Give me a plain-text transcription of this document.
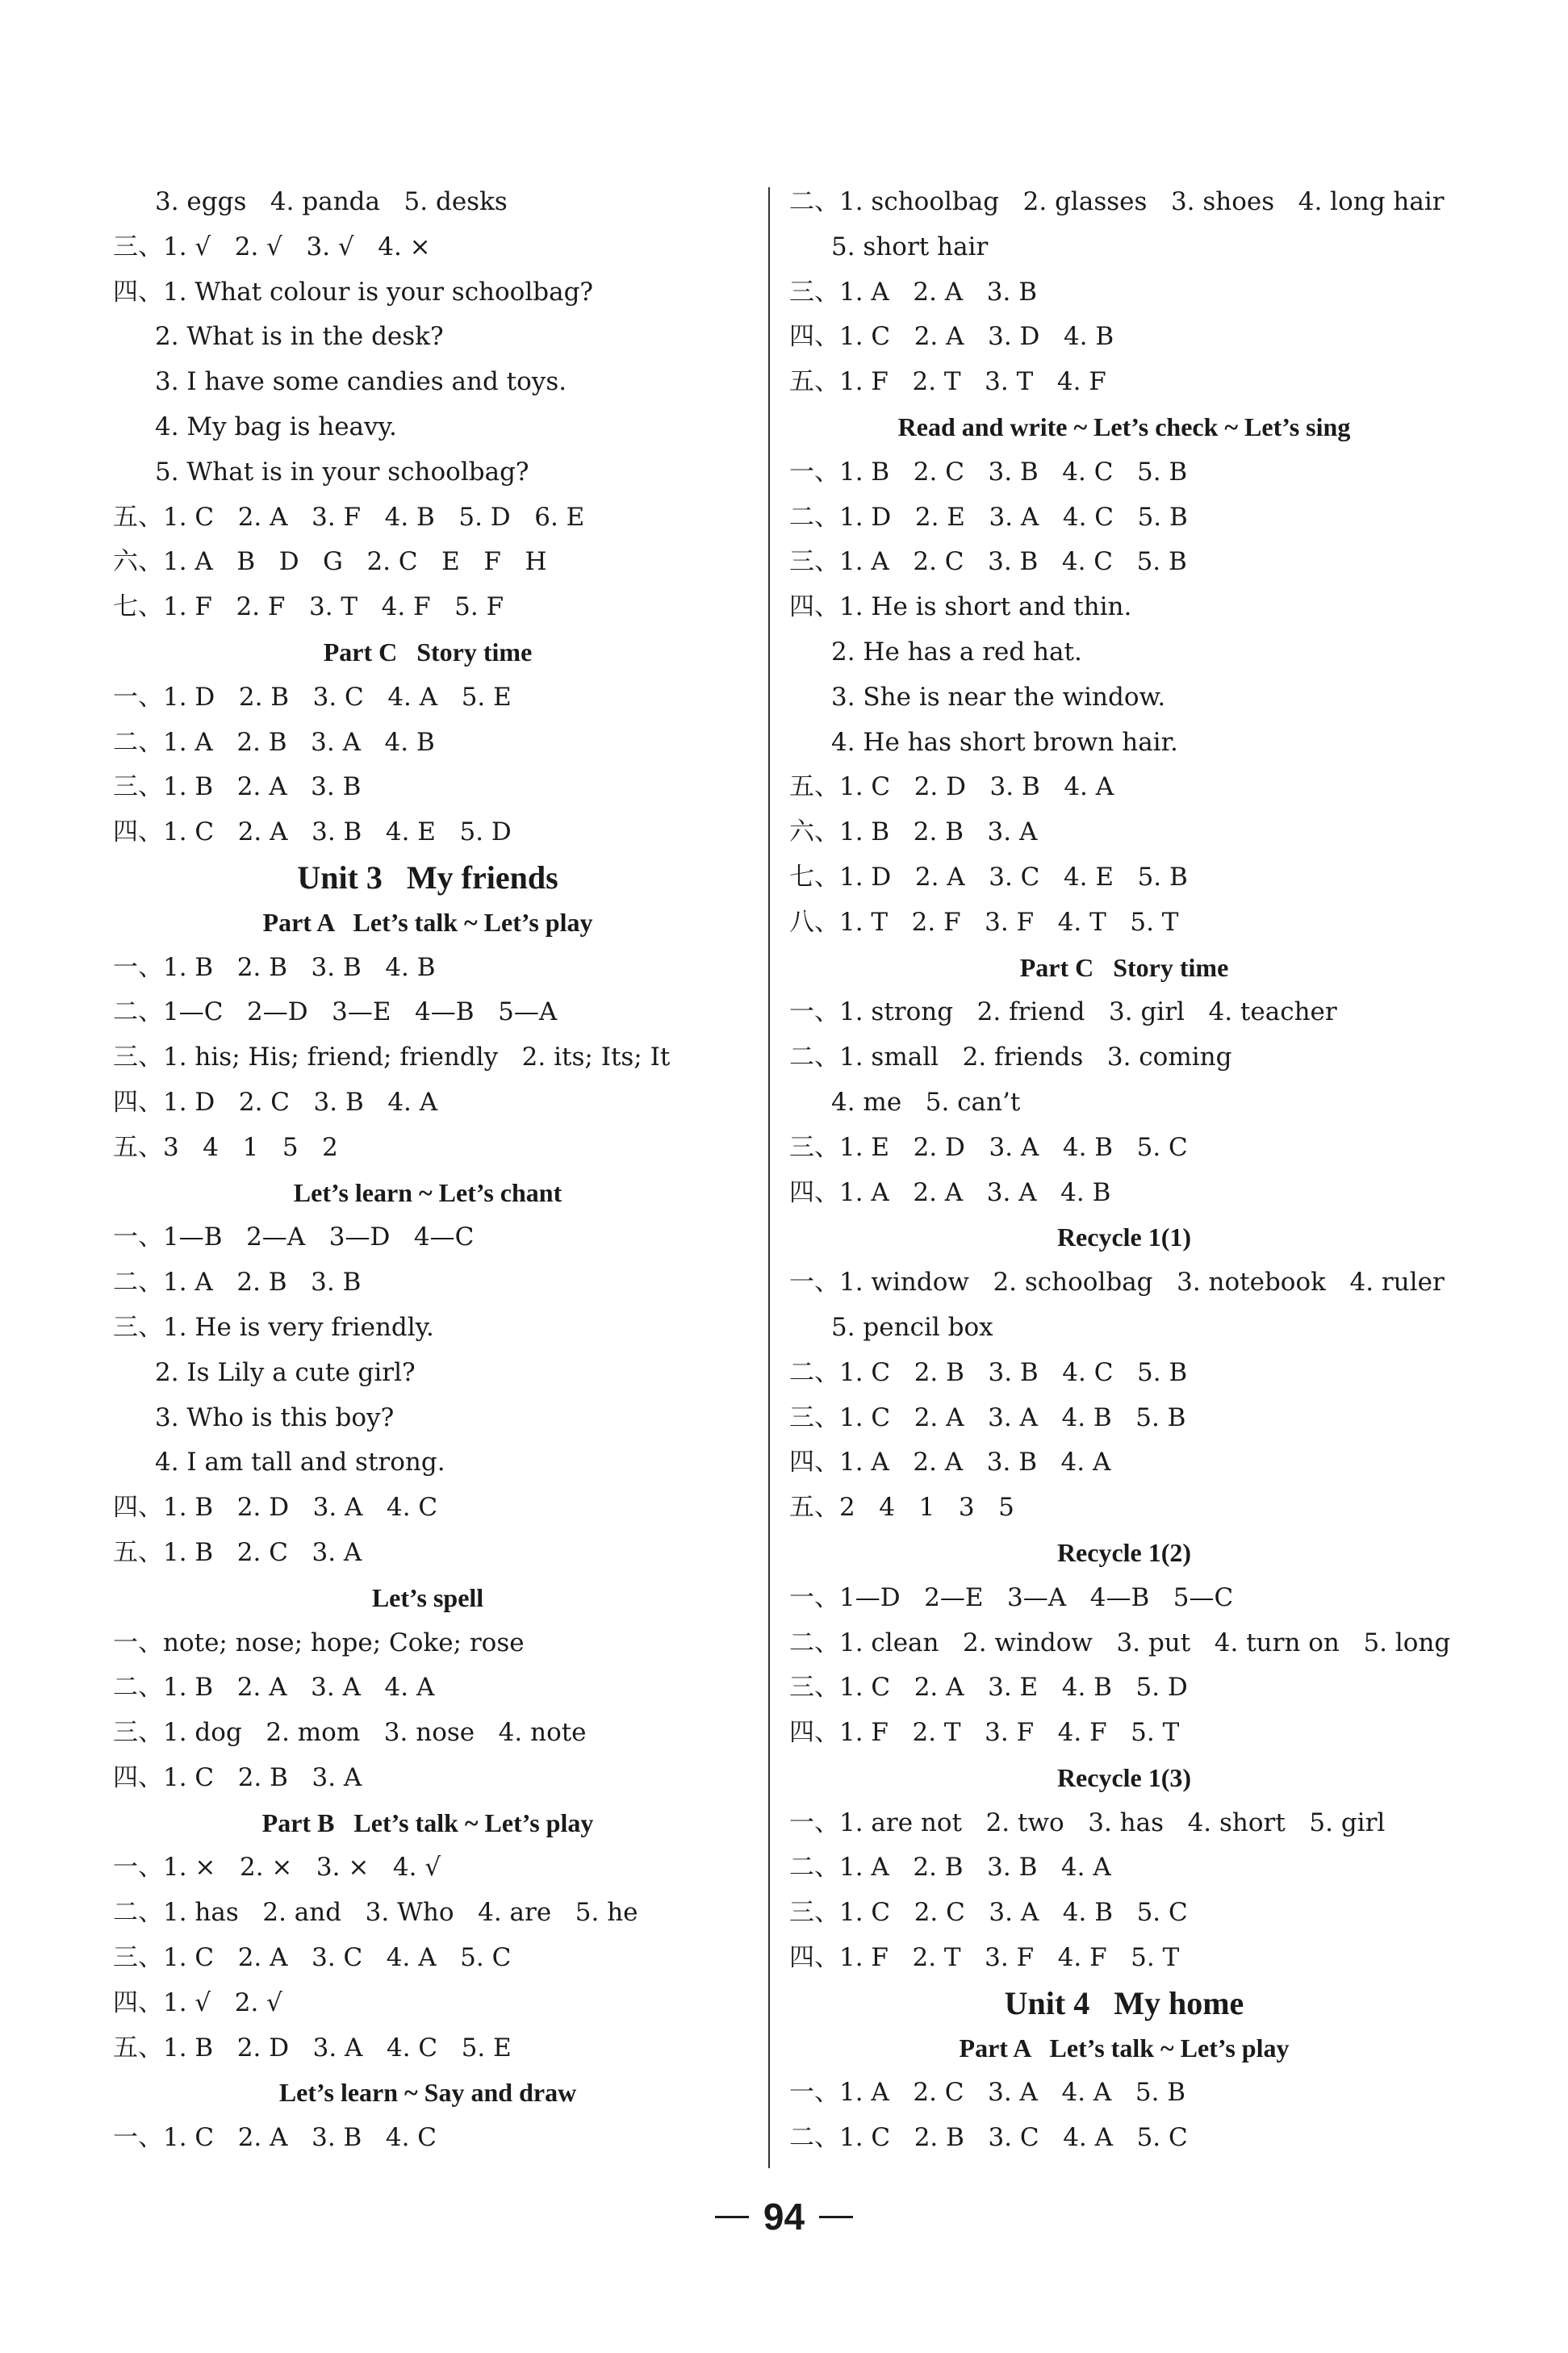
3. eggs   4. panda   5. desks
三、1. √   2. √   3. √   4. ×
四、1. What colour is your schoolbag?
2. What is in the desk?
3. I have some candies and toys.
4. My bag is heavy.
5. What is in your schoolbag?
五、1. C   2. A   3. F   4. B   5. D   6. E
六、1. A   B   D   G   2. C   E   F   H
七、1. F   2. F   3. T   4. F   5. F
Part C   Story time
一、1. D   2. B   3. C   4. A   5. E
二、1. A   2. B   3. A   4. B
三、1. B   2. A   3. B
四、1. C   2. A   3. B   4. E   5. D
Unit 3   My friends
Part A   Let’s talk ~ Let’s play
一、1. B   2. B   3. B   4. B
二、1—C   2—D   3—E   4—B   5—A
三、1. his; His; friend; friendly   2. its; Its; It
四、1. D   2. C   3. B   4. A
五、3   4   1   5   2
Let’s learn ~ Let’s chant
一、1—B   2—A   3—D   4—C
二、1. A   2. B   3. B
三、1. He is very friendly.
2. Is Lily a cute girl?
3. Who is this boy?
4. I am tall and strong.
四、1. B   2. D   3. A   4. C
五、1. B   2. C   3. A
Let’s spell
一、note; nose; hope; Coke; rose
二、1. B   2. A   3. A   4. A
三、1. dog   2. mom   3. nose   4. note
四、1. C   2. B   3. A
Part B   Let’s talk ~ Let’s play
一、1. ×   2. ×   3. ×   4. √
二、1. has   2. and   3. Who   4. are   5. he
三、1. C   2. A   3. C   4. A   5. C
四、1. √   2. √
五、1. B   2. D   3. A   4. C   5. E
Let’s learn ~ Say and draw
一、1. C   2. A   3. B   4. C
二、1. schoolbag   2. glasses   3. shoes   4. long hair
5. short hair
三、1. A   2. A   3. B
四、1. C   2. A   3. D   4. B
五、1. F   2. T   3. T   4. F
Read and write ~ Let’s check ~ Let’s sing
一、1. B   2. C   3. B   4. C   5. B
二、1. D   2. E   3. A   4. C   5. B
三、1. A   2. C   3. B   4. C   5. B
四、1. He is short and thin.
2. He has a red hat.
3. She is near the window.
4. He has short brown hair.
五、1. C   2. D   3. B   4. A
六、1. B   2. B   3. A
七、1. D   2. A   3. C   4. E   5. B
八、1. T   2. F   3. F   4. T   5. T
Part C   Story time
一、1. strong   2. friend   3. girl   4. teacher
二、1. small   2. friends   3. coming
4. me   5. can’t
三、1. E   2. D   3. A   4. B   5. C
四、1. A   2. A   3. A   4. B
Recycle 1(1)
一、1. window   2. schoolbag   3. notebook   4. ruler
5. pencil box
二、1. C   2. B   3. B   4. C   5. B
三、1. C   2. A   3. A   4. B   5. B
四、1. A   2. A   3. B   4. A
五、2   4   1   3   5
Recycle 1(2)
一、1—D   2—E   3—A   4—B   5—C
二、1. clean   2. window   3. put   4. turn on   5. long
三、1. C   2. A   3. E   4. B   5. D
四、1. F   2. T   3. F   4. F   5. T
Recycle 1(3)
一、1. are not   2. two   3. has   4. short   5. girl
二、1. A   2. B   3. B   4. A
三、1. C   2. C   3. A   4. B   5. C
四、1. F   2. T   3. F   4. F   5. T
Unit 4   My home
Part A   Let’s talk ~ Let’s play
一、1. A   2. C   3. A   4. A   5. B
二、1. C   2. B   3. C   4. A   5. C
94
